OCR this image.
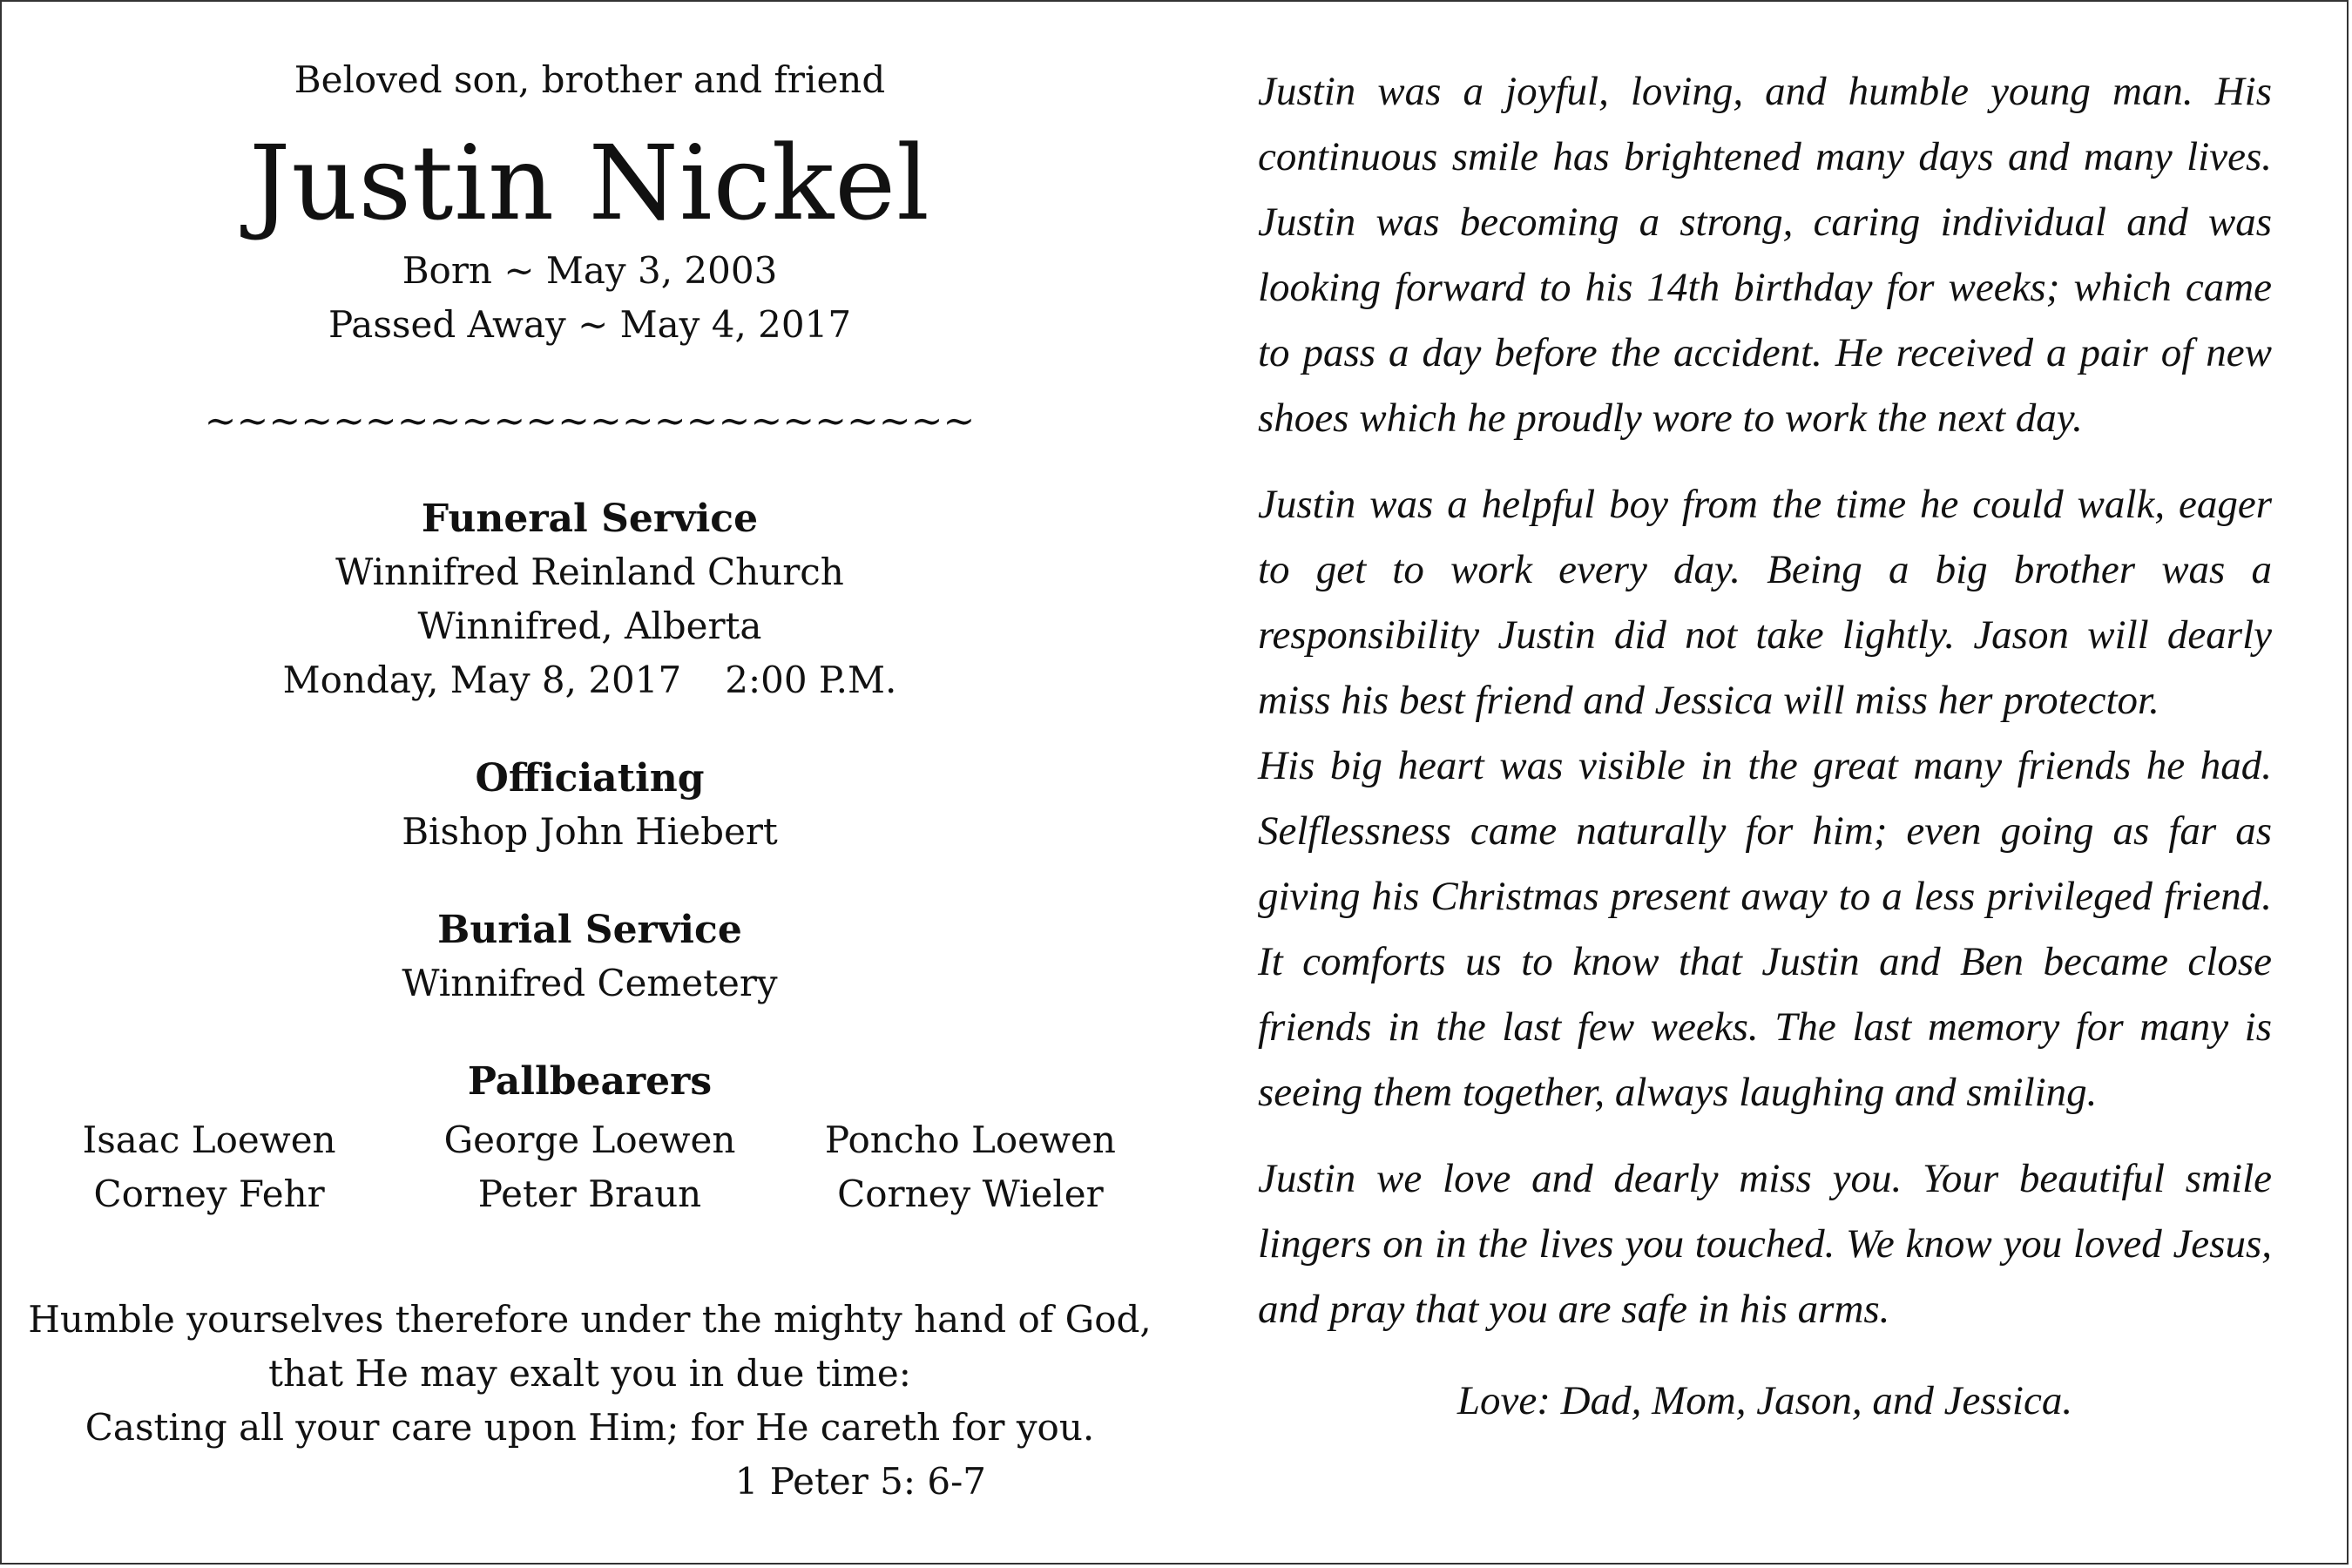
Beloved son, brother and friend
Justin Nickel
Born ~ May 3, 2003
Passed Away ~ May 4, 2017
~~~~~~~~~~~~~~~~~~~~~~~~
Funeral Service
Winnifred Reinland Church
Winnifred, Alberta
Monday, May 8, 2017 2:00 P.M.
Officiating
Bishop John Hiebert
Burial Service
Winnifred Cemetery
Pallbearers
Isaac Loewen
Corney Fehr
George Loewen
Peter Braun
Poncho Loewen
Corney Wieler
Humble yourselves therefore under the mighty hand of God,
that He may exalt you in due time:
Casting all your care upon Him; for He careth for you.
1 Peter 5: 6-7

Justin was a joyful, loving, and humble young man. His continuous smile has brightened many days and many lives. Justin was becoming a strong, caring individual and was looking forward to his 14th birthday for weeks; which came to pass a day before the accident. He received a pair of new shoes which he proudly wore to work the next day.

Justin was a helpful boy from the time he could walk, eager to get to work every day. Being a big brother was a responsibility Justin did not take lightly. Jason will dearly miss his best friend and Jessica will miss her protector.

His big heart was visible in the great many friends he had. Selflessness came naturally for him; even going as far as giving his Christmas present away to a less privileged friend. It comforts us to know that Justin and Ben became close friends in the last few weeks. The last memory for many is seeing them together, always laughing and smiling.

Justin we love and dearly miss you. Your beautiful smile lingers on in the lives you touched. We know you loved Jesus, and pray that you are safe in his arms.

Love: Dad, Mom, Jason, and Jessica.
